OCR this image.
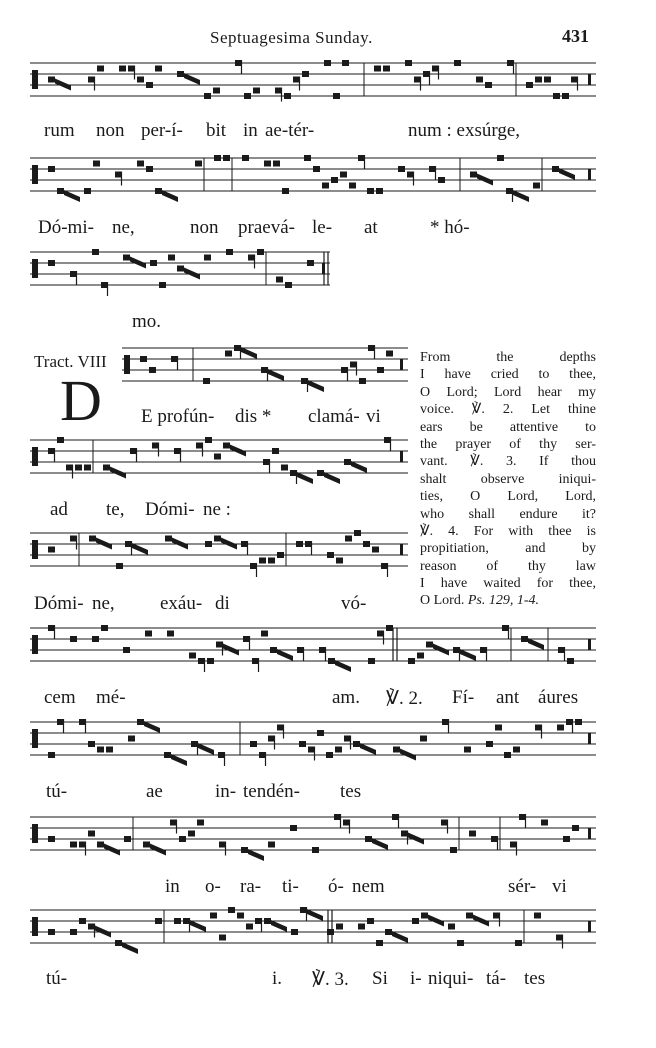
Septuagesima Sunday.	431
rum non per-í- bit in ae-tér-	num : exsúrge,
Dó-mi- ne,	non praevá- le- at	* hó-
mo.
Tract. VIII
D E profún- dis * clamá- vi
ad te, Dómi- ne :
Dómi- ne, exáu- di	vó-
From the depths
I have cried to thee,
O Lord; Lord hear my
voice. ℣. 2. Let thine
ears be attentive to
the prayer of thy ser-
vant. ℣. 3. If thou
shalt observe iniqui-
ties, O Lord, Lord,
who shall endure it?
℣. 4. For with thee is
propitiation, and by
reason of thy law
I have waited for thee,
O Lord. Ps. 129, 1-4.
cem mé-	am. ℣. 2. Fí- ant áures
tú-	ae	in- tendén- tes
in o- ra- ti- ó- nem	sér- vi
tú-	i. ℣. 3. Si i- niqui- tá- tes
